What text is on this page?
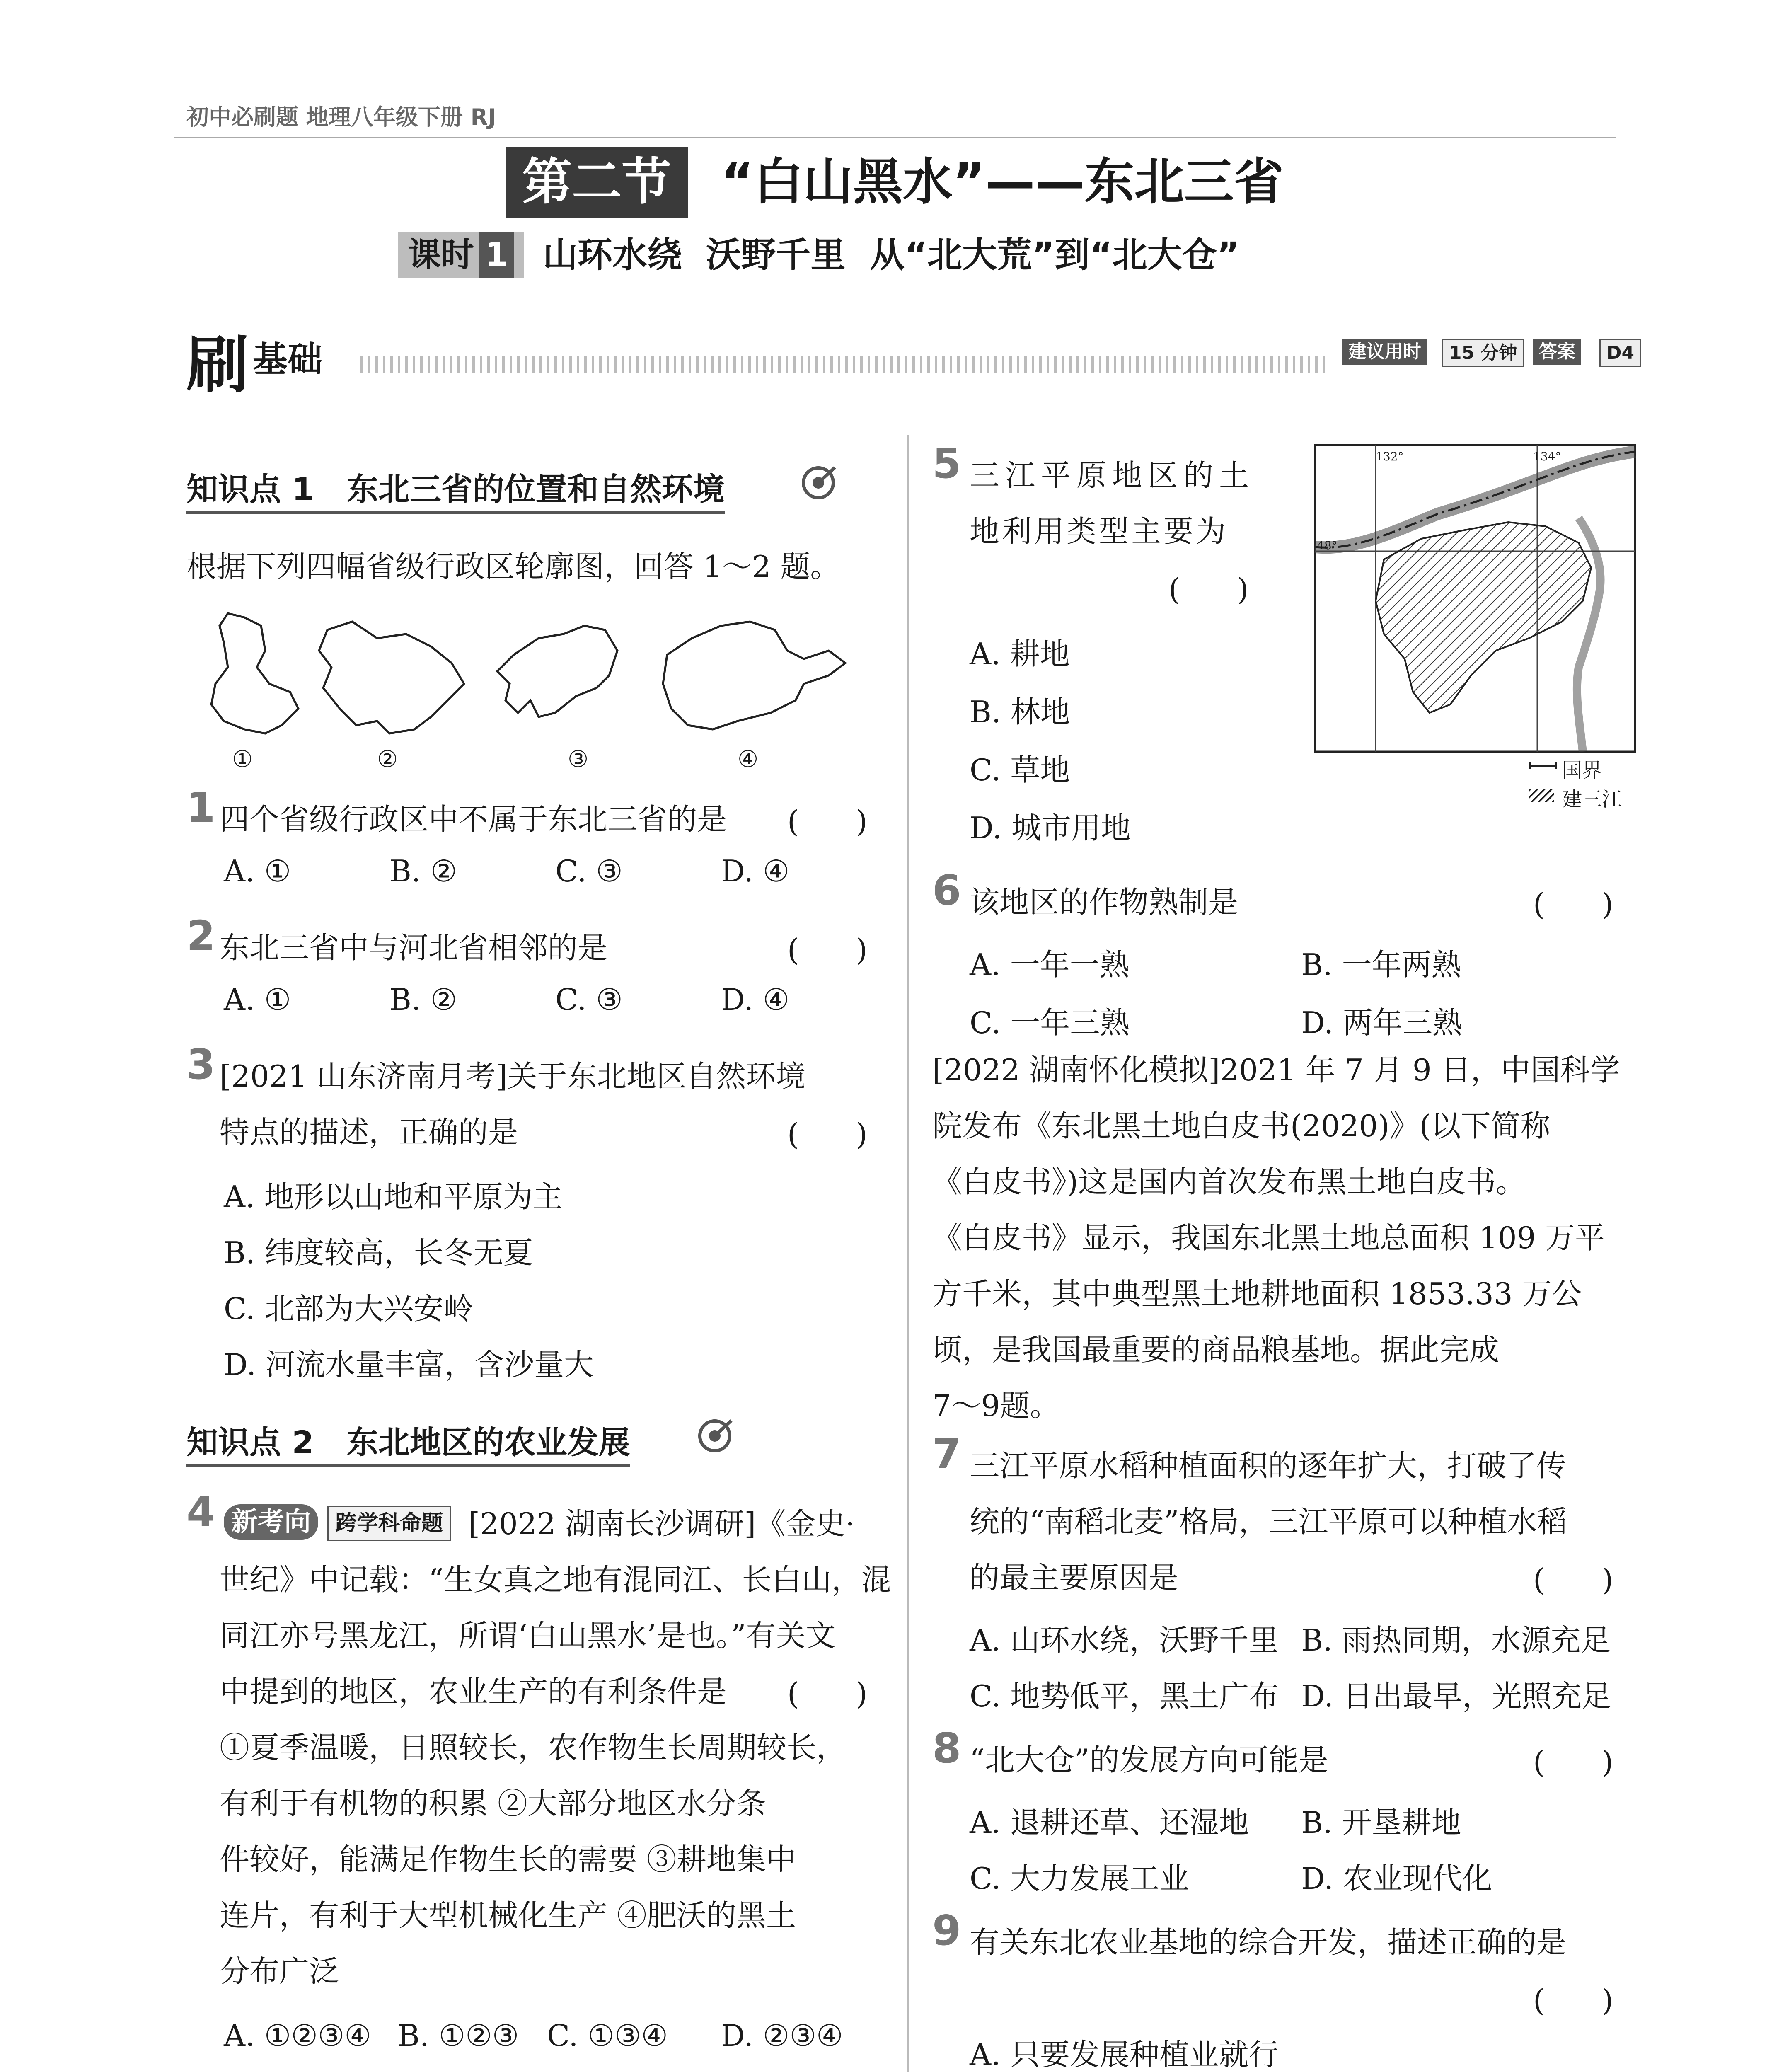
初中必刷题 地理八年级下册 RJ
第二节	“白山黑水”——东北三省
课时 1	山环水绕  沃野千里  从“北大荒”到“北大仓”
刷 基础	建议用时	15 分钟	答案	D4
知识点 1   东北三省的位置和自然环境
根据下列四幅省级行政区轮廓图，回答 1～2 题。
①	②	③	④
1 四个省级行政区中不属于东北三省的是 (      )
A. ①	B. ②	C. ③	D. ④
2 东北三省中与河北省相邻的是	(      )
A. ①	B. ②	C. ③	D. ④
3 [2021 山东济南月考]关于东北地区自然环境
特点的描述，正确的是	(      )
A. 地形以山地和平原为主
B. 纬度较高，长冬无夏
C. 北部为大兴安岭
D. 河流水量丰富，含沙量大
知识点 2   东北地区的农业发展
4 新考向	跨学科命题 [2022 湖南长沙调研]《金史·
世纪》中记载：“生女真之地有混同江、长白山，混
同江亦号黑龙江，所谓‘白山黑水’是也。”有关文
中提到的地区，农业生产的有利条件是 (      )
①夏季温暖，日照较长，农作物生长周期较长，
有利于有机物的积累 ②大部分地区水分条
件较好，能满足作物生长的需要 ③耕地集中
连片，有利于大型机械化生产 ④肥沃的黑土
分布广泛
A. ①②③④ B. ①②③ C. ①③④ D. ②③④
5 三江平原地区的土
地利用类型主要为
(      )
A. 耕地
B. 林地
C. 草地
D. 城市用地
132°	134°
48°
国界
建三江
6 该地区的作物熟制是	(      )
A. 一年一熟	B. 一年两熟
C. 一年三熟	D. 两年三熟
[2022 湖南怀化模拟]2021 年 7 月 9 日，中国科学
院发布《东北黑土地白皮书(2020)》(以下简称
《白皮书》)这是国内首次发布黑土地白皮书。
《白皮书》显示，我国东北黑土地总面积 109 万平
方千米，其中典型黑土地耕地面积 1853.33 万公
顷，是我国最重要的商品粮基地。据此完成
7～9题。
7 三江平原水稻种植面积的逐年扩大，打破了传
统的“南稻北麦”格局，三江平原可以种植水稻
的最主要原因是	(      )
A. 山环水绕，沃野千里 B. 雨热同期，水源充足
C. 地势低平，黑土广布 D. 日出最早，光照充足
8 “北大仓”的发展方向可能是	(      )
A. 退耕还草、还湿地 B. 开垦耕地
C. 大力发展工业	D. 农业现代化
9 有关东北农业基地的综合开发，描述正确的是
(      )
A. 只要发展种植业就行
